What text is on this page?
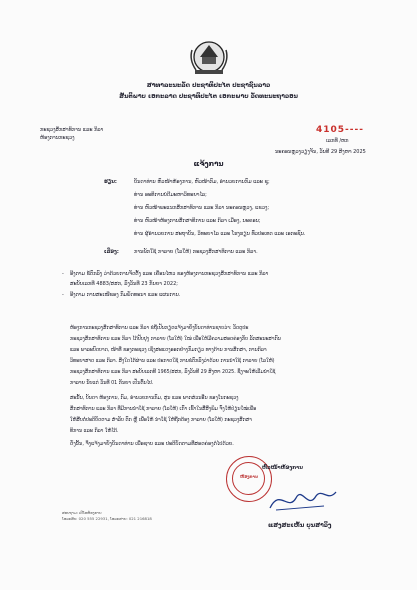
ສາທາລະນະລັດ ປະຊາທິປະໄຕ ປະຊາຊົນລາວ
ສັນຕິພາບ ເອກະລາດ ປະຊາທິປະໄຕ ເອກະພາບ ວັດທະນະຖາວອນ
ກະຊວງສຶກສາທິການ ແລະ ກິລາ
ຫ້ອງການກະຊວງ
4105----
ເລກທີ /ຫກ
ນະຄອນຫຼວງວຽງຈັນ, ວັນທີ 29 ສິງຫາ 2025
ແຈ້ງການ
ຮຽນ:	ບັນດາທ່ານ ຫົວໜ້າຫ້ອງການ, ຫົວໜ້າກົມ, ອຳນວຍການກົມ ແລະ ຊຸ;
ທ່ານ ອະທິການບໍດີມະຫາວິທະຍາໄລ;
ທ່ານ ຫົວໜ້າພະແນກສຶກສາທິການ ແລະ ກິລາ ນະຄອນຫຼວງ, ແຂວງ;
ທ່ານ ຫົວໜ້າຫ້ອງການສຶກສາທິການ ແລະ ກິລາ ເມືອງ, ນະຄອນ;
ທ່ານ ຜູ້ອຳນວຍການ ສະຖາບັນ, ວິທະຍາໄລ ແລະ ໂຮງຮຽນ ທົ່ວປະເທດ ແລະ ເອກະຊົນ.
ເລື່ອງ:	ການພັກໃຊ້ ກາລາຍ (ໂລໃຫ້) ກະຊວງສຶກສາທິການ ແລະ ກິລາ.
- ອີງຕາມ ຂໍ້ຕົກລົງ ວ່າດ້ວຍການຈັດຕັ້ງ ແລະ ເຄື່ອນໄຫວ ຂອງຫ້ອງການກະຊວງສຶກສາທິການ ແລະ ກິລາ
ສະບັບເລກທີ 4883/ສສກ, ລົງວັນທີ 23 ກັນຍາ 2022;
- ອີງຕາມ ການສະເໜີຂອງ ກົມພັດທະນາ ແລະ ແຜນການ.
ຫ້ອງການກະຊວງສຶກສາທິການ ແລະ ກິລາ ຂໍຖືເປັນກຽດແຈ້ງມາຍັງບັນດາທ່ານຊາບວ່າ: ວັດຕຸປະ
ກະຊວງສຶກສາທິການ ແລະ ກິລາ ໄດ້ປັບປຸງ ກາລາຍ (ໂລໃຫ້) ໃໝ່ ເພື່ອໃຫ້ມີຄວາມສອດຄ່ອງກັບ ລັກສະນະສາກົນ
ແລະ ພາລະບົດບາດ, ໜ້າທີ່ ຂອງກະຊວງ ເຊິ່ງສະແດງອອກຢ່າງກົມກຽວ ທາງດ້ານ ການສຶກສາ, ການກິລາ
ວິທະຍາສາດ ແລະ ກິລາ. ສິ່ງໃດໄດ້ຜ່ານ ແລະ ປະກາດໃຊ້ ການຂໍຕົກລົງວ່າດ້ວຍ ການນຳໃຊ້ ກາລາຍ (ໂລໃຫ້)
ກະຊວງສຶກສາທິການ ແລະ ກິລາ ສະບັບເລກທີ 1965/ສສກ, ລົງວັນທີ 29 ສິງຫາ 2025. ຊຶ່ງຈະໃຫ້ເລີ່ມນຳໃຊ້
ກາລາຍ ນັບແຕ່ ວັນທີ 01 ກັນຍາ ເປັນຕົ້ນໄປ.
ສະນັ້ນ, ບັນດາ ຫ້ອງການ, ກົມ, ອຳນວຍການກົມ, ສູນ ແລະ ພາກສ່ວນອື່ນ ຂອງໃນກະຊວງ
ສຶກສາທິການ ແລະ ກິລາ ທີ່ມີການນຳໃຊ້ ກາລາຍ (ໂລໃຫ້) ເກົ່າ ເຂົ້າໃນສື່ສິ່ງພິມ ຈົ່ງໃຫ້ປ່ຽນໃໝ່ເພື່ອ
ໃຫ້ສືບຕໍ່ປະຕິບັດຕາມ ສຳລັບ ຕົກ ຫຼື ເພື່ອໃຫ້ ນຳໃຊ້ ໃຫ້ຖືກຕ້ອງ ກາລາຍ (ໂລໃຫ້) ກະຊວງສຶກສາ
ທິການ ແລະ ກິລາ ໃຫ້ໄດ້.
ດັ່ງນັ້ນ, ຈຶ່ງແຈ້ງມາຍັງບັນດາທ່ານ ເພື່ອຊາບ ແລະ ປະຕິບັດຕາມທີ່ສອດຄ່ອງຕໍ່ໄປດ້ວຍ.
ຫ້ອງການ
ຫົວໜ້າຫ້ອງການ
ແສງສະເຫັນ ບຸນສາວິງ
ສອບຖາມ: ເບີໂທຫ້ອງການ
ໂທລະສັບ: 020 555 22931, ໂທລະສານ: 021 216818
